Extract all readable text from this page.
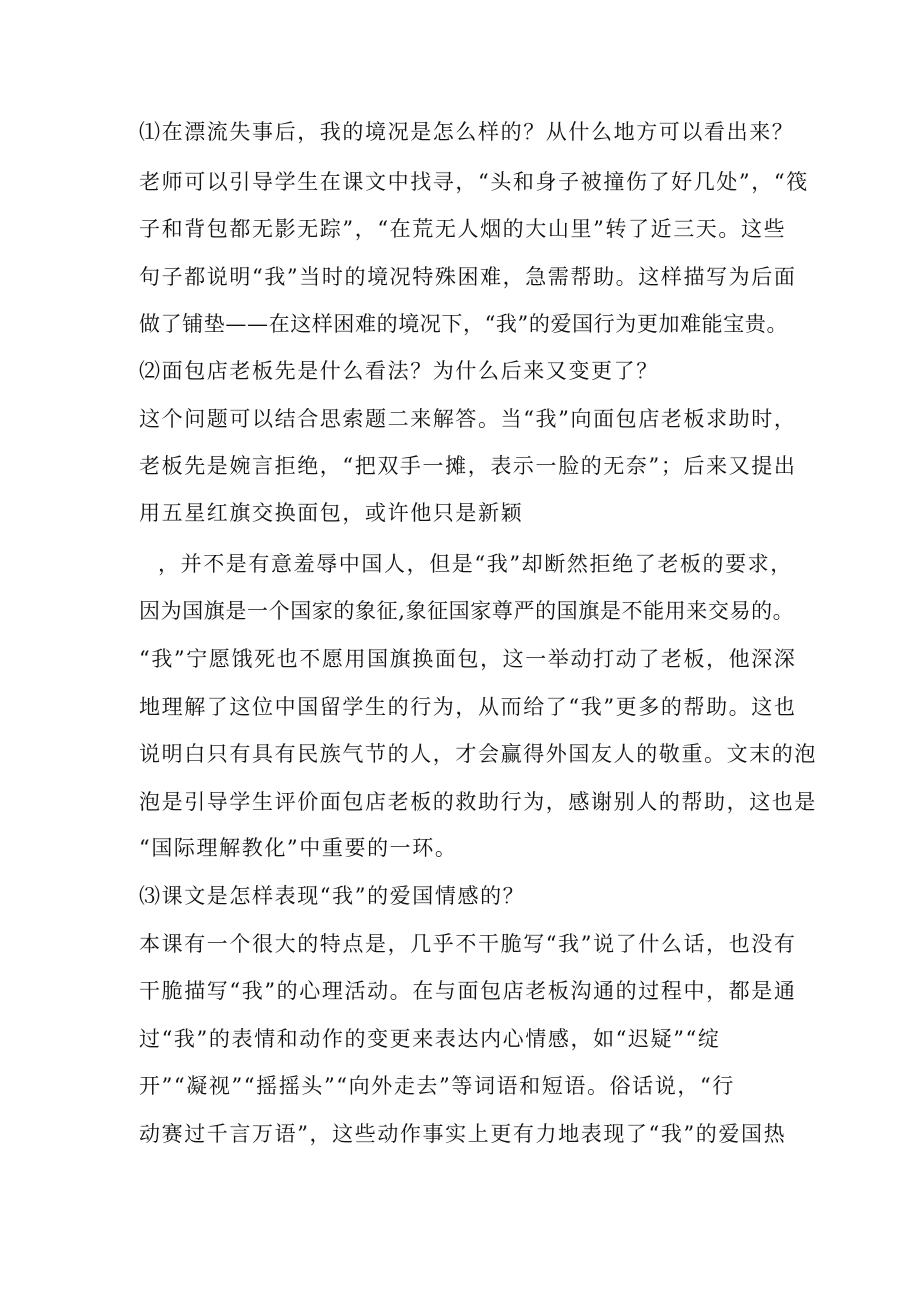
⑴在漂流失事后，我的境况是怎么样的？从什么地方可以看出来？
老师可以引导学生在课文中找寻，“头和身子被撞伤了好几处”，“筏
子和背包都无影无踪”，“在荒无人烟的大山里”转了近三天。这些
句子都说明“我”当时的境况特殊困难，急需帮助。这样描写为后面
做了铺垫——在这样困难的境况下，“我”的爱国行为更加难能宝贵。
⑵面包店老板先是什么看法？为什么后来又变更了？
这个问题可以结合思索题二来解答。当“我”向面包店老板求助时，
老板先是婉言拒绝，“把双手一摊，表示一脸的无奈”；后来又提出
用五星红旗交换面包，或许他只是新颖
，并不是有意羞辱中国人，但是“我”却断然拒绝了老板的要求，
因为国旗是一个国家的象征,象征国家尊严的国旗是不能用来交易的。
“我”宁愿饿死也不愿用国旗换面包，这一举动打动了老板，他深深
地理解了这位中国留学生的行为，从而给了“我”更多的帮助。这也
说明白只有具有民族气节的人，才会赢得外国友人的敬重。文末的泡
泡是引导学生评价面包店老板的救助行为，感谢别人的帮助，这也是
“国际理解教化”中重要的一环。
⑶课文是怎样表现“我”的爱国情感的？
本课有一个很大的特点是，几乎不干脆写“我”说了什么话，也没有
干脆描写“我”的心理活动。在与面包店老板沟通的过程中，都是通
过“我”的表情和动作的变更来表达内心情感，如“迟疑”“绽
开”“凝视”“摇摇头”“向外走去”等词语和短语。俗话说，“行
动赛过千言万语”，这些动作事实上更有力地表现了“我”的爱国热
